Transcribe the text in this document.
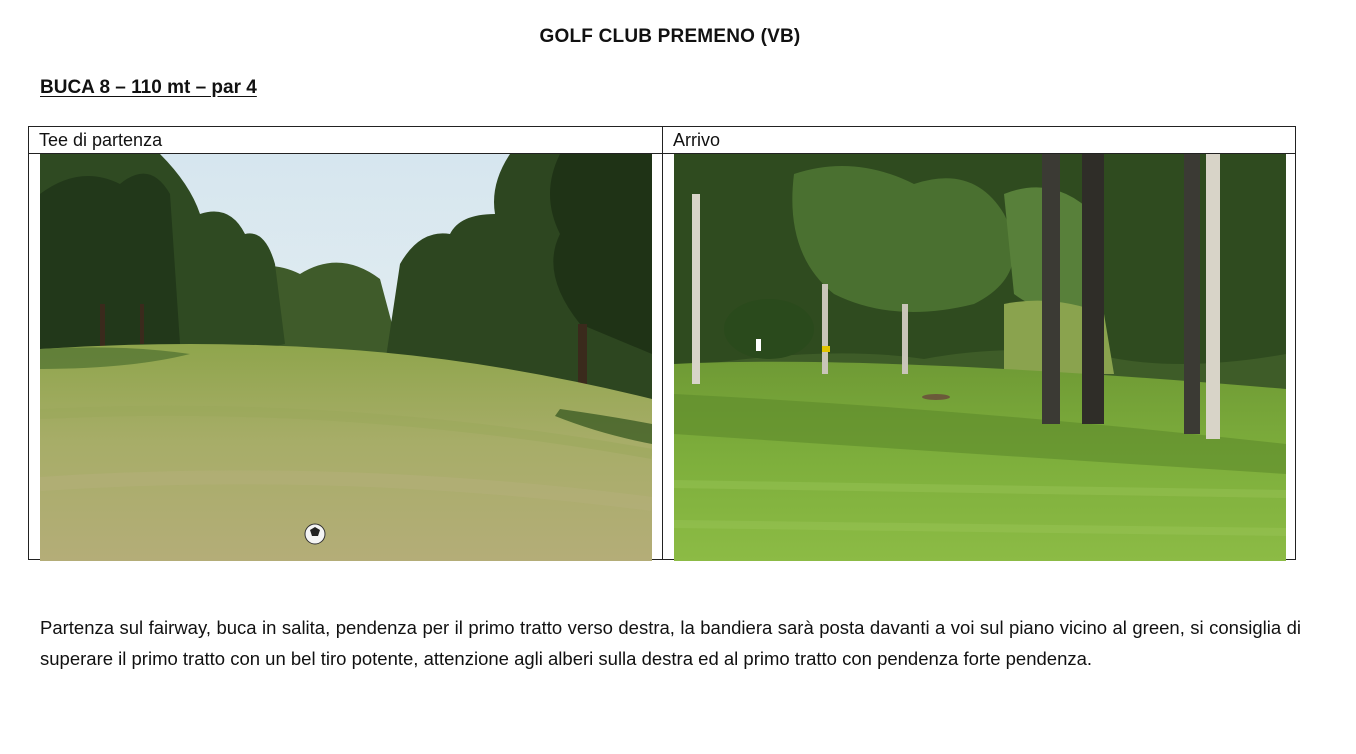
GOLF CLUB PREMENO (VB)
BUCA 8 – 110 mt – par 4
Tee di partenza	Arrivo

Partenza sul fairway, buca in salita, pendenza per il primo tratto verso destra, la bandiera sarà posta davanti a voi sul piano vicino al green, si consiglia di superare il primo tratto con un bel tiro potente, attenzione agli alberi sulla destra ed al primo tratto con pendenza forte pendenza.
